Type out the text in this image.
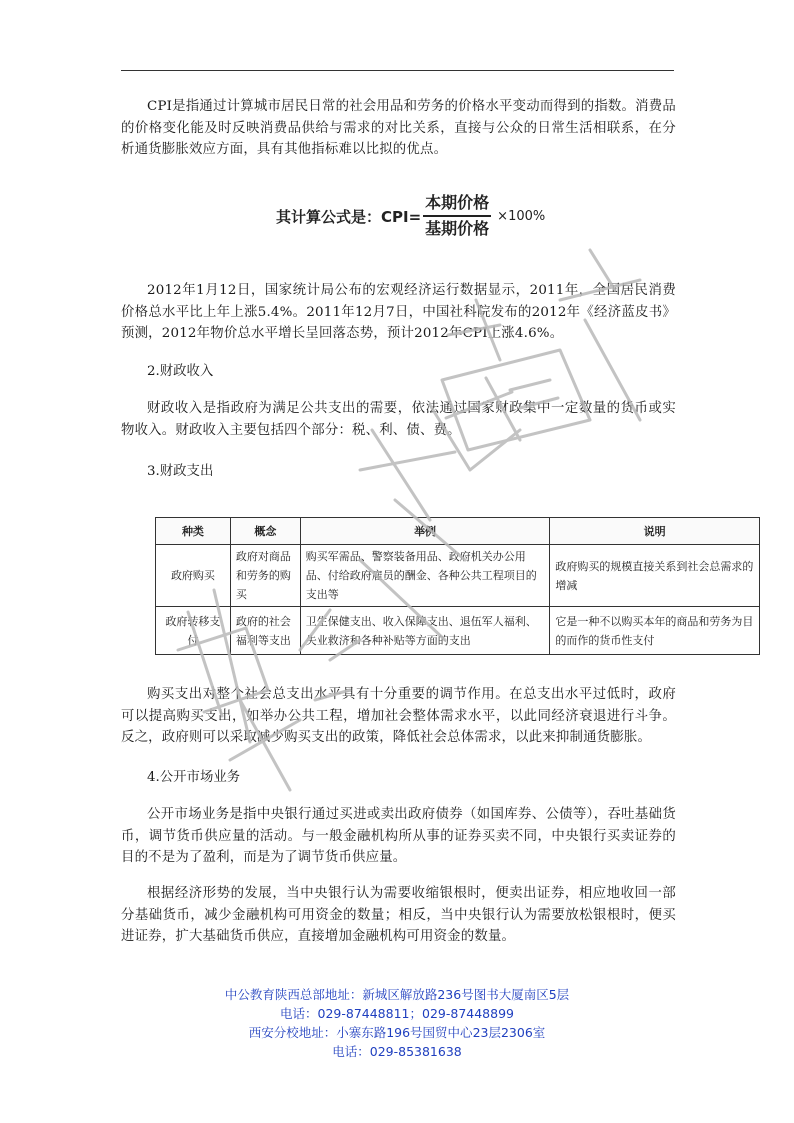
CPI是指通过计算城市居民日常的社会用品和劳务的价格水平变动而得到的指数。消费品的价格变化能及时反映消费品供给与需求的对比关系，直接与公众的日常生活相联系，在分析通货膨胀效应方面，具有其他指标难以比拟的优点。

其计算公式是：$CPI= \frac{\text{本期价格}}{\text{基期价格}} \times 100\%$

2012年1月12日，国家统计局公布的宏观经济运行数据显示，2011年，全国居民消费价格总水平比上年上涨5.4%。2011年12月7日，中国社科院发布的2012年《经济蓝皮书》预测，2012年物价总水平增长呈回落态势，预计2012年CPI上涨4.6%。

2.财政收入

财政收入是指政府为满足公共支出的需要，依法通过国家财政集中一定数量的货币或实物收入。财政收入主要包括四个部分：税、利、债、费。

3.财政支出

种类	概念	举例	说明
政府购买	政府对商品和劳务的购买	购买军需品、警察装备用品、政府机关办公用品、付给政府雇员的酬金、各种公共工程项目的支出等	政府购买的规模直接关系到社会总需求的增减
政府转移支付	政府的社会福利等支出	卫生保健支出、收入保障支出、退伍军人福利、失业救济和各种补贴等方面的支出	它是一种不以购买本年的商品和劳务为目的而作的货币性支付

购买支出对整个社会总支出水平具有十分重要的调节作用。在总支出水平过低时，政府可以提高购买支出，如举办公共工程，增加社会整体需求水平，以此同经济衰退进行斗争。反之，政府则可以采取减少购买支出的政策，降低社会总体需求，以此来抑制通货膨胀。

4.公开市场业务

公开市场业务是指中央银行通过买进或卖出政府债券（如国库券、公债等），吞吐基础货币，调节货币供应量的活动。与一般金融机构所从事的证券买卖不同，中央银行买卖证券的目的不是为了盈利，而是为了调节货币供应量。

根据经济形势的发展，当中央银行认为需要收缩银根时，便卖出证券，相应地收回一部分基础货币，减少金融机构可用资金的数量；相反，当中央银行认为需要放松银根时，便买进证券，扩大基础货币供应，直接增加金融机构可用资金的数量。

中公教育陕西总部地址：新城区解放路236号图书大厦南区5层
电话：029-87448811；029-87448899
西安分校地址：小寨东路196号国贸中心23层2306室
电话：029-85381638
